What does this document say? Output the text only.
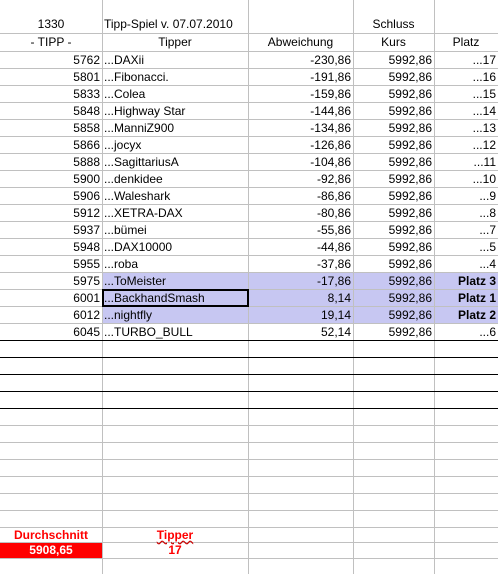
1330	Tipp-Spiel v. 07.07.2010	Schluss
- TIPP -	Tipper	Abweichung	Kurs	Platz
5762 ...DAXii	-230,86	5992,86	...17
5801 ...Fibonacci.	-191,86	5992,86	...16
5833 ...Colea	-159,86	5992,86	...15
5848 ...Highway Star	-144,86	5992,86	...14
5858 ...ManniZ900	-134,86	5992,86	...13
5866 ...jocyx	-126,86	5992,86	...12
5888 ...SagittariusA	-104,86	5992,86	...11
5900 ...denkidee	-92,86	5992,86	...10
5906 ...Waleshark	-86,86	5992,86	...9
5912 ...XETRA-DAX	-80,86	5992,86	...8
5937 ...bümei	-55,86	5992,86	...7
5948 ...DAX10000	-44,86	5992,86	...5
5955 ...roba	-37,86	5992,86	...4
5975 ...ToMeister	-17,86	5992,86	Platz 3
6001 ...BackhandSmash	8,14	5992,86	Platz 1
6012 ...nightfly	19,14	5992,86	Platz 2
6045 ...TURBO_BULL	52,14	5992,86	...6
Durchschnitt	Tipper
5908,65	17
